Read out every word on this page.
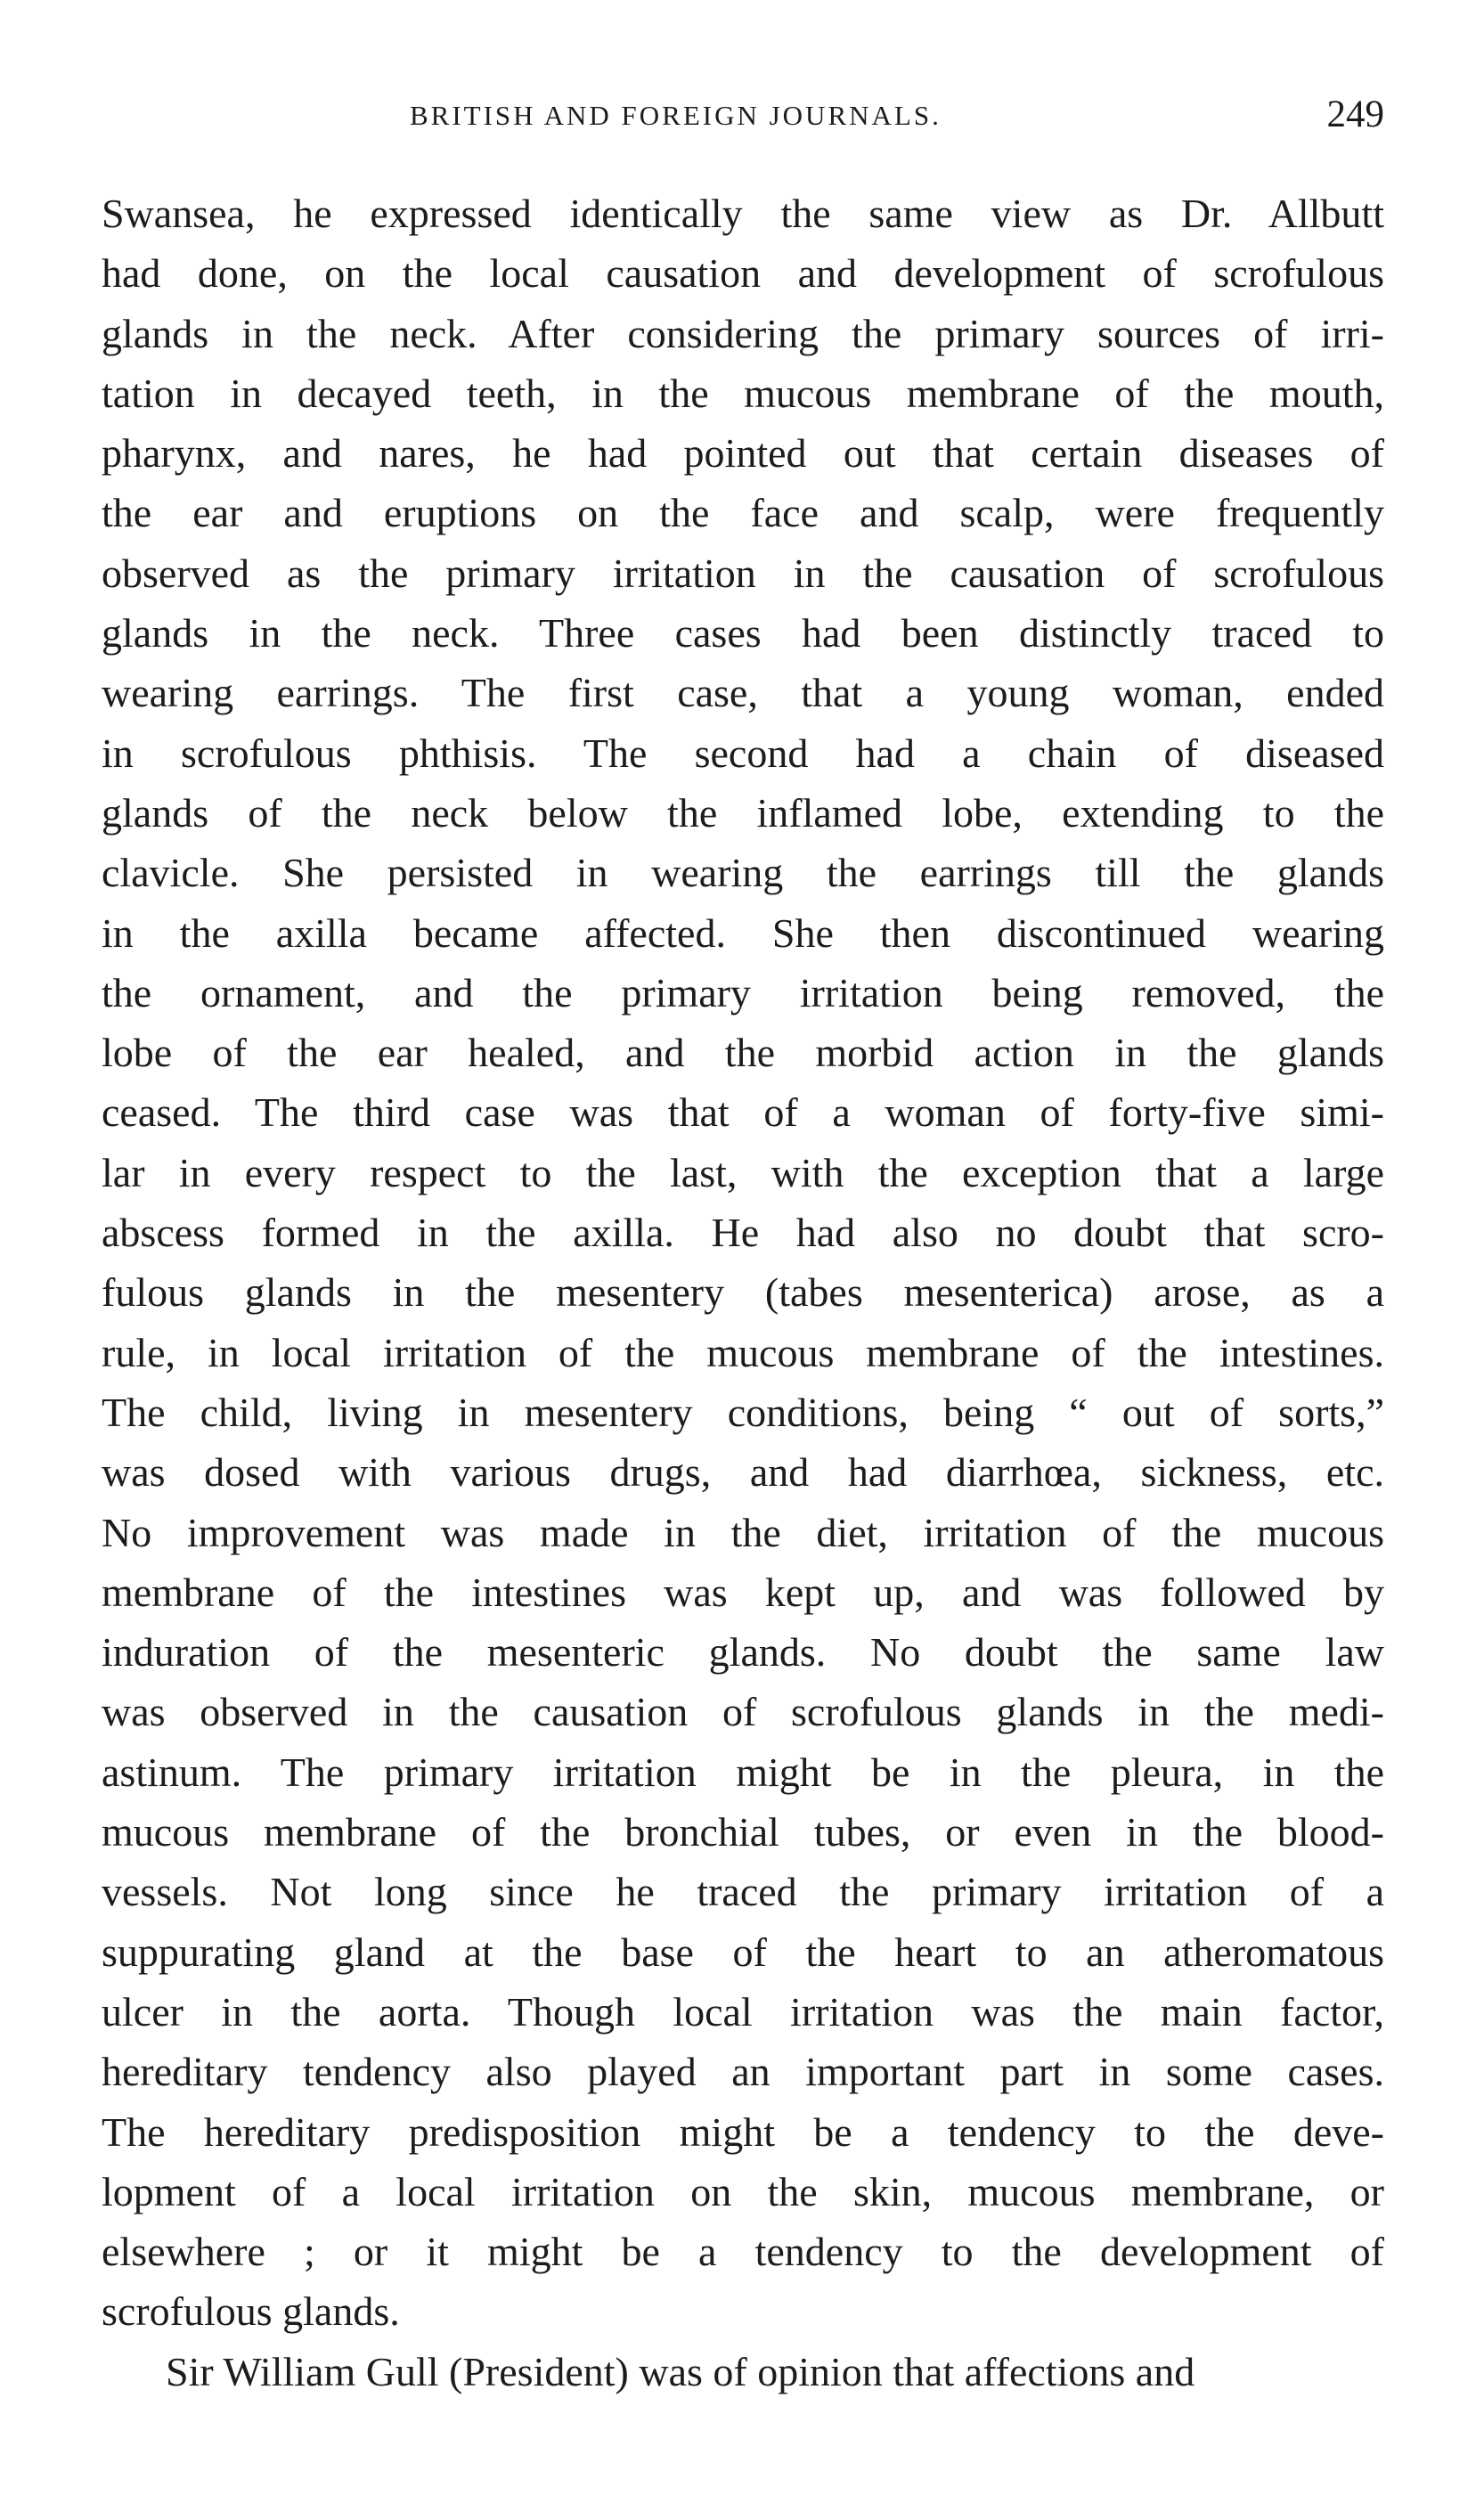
BRITISH AND FOREIGN JOURNALS.	249
Swansea, he expressed identically the same view as Dr. Allbutt
had done, on the local causation and development of scrofulous
glands in the neck. After considering the primary sources of irri-
tation in decayed teeth, in the mucous membrane of the mouth,
pharynx, and nares, he had pointed out that certain diseases of
the ear and eruptions on the face and scalp, were frequently
observed as the primary irritation in the causation of scrofulous
glands in the neck. Three cases had been distinctly traced to
wearing earrings. The first case, that a young woman, ended
in scrofulous phthisis. The second had a chain of diseased
glands of the neck below the inflamed lobe, extending to the
clavicle. She persisted in wearing the earrings till the glands
in the axilla became affected. She then discontinued wearing
the ornament, and the primary irritation being removed, the
lobe of the ear healed, and the morbid action in the glands
ceased. The third case was that of a woman of forty-five simi-
lar in every respect to the last, with the exception that a large
abscess formed in the axilla. He had also no doubt that scro-
fulous glands in the mesentery (tabes mesenterica) arose, as a
rule, in local irritation of the mucous membrane of the intestines.
The child, living in mesentery conditions, being “ out of sorts,”
was dosed with various drugs, and had diarrhœa, sickness, etc.
No improvement was made in the diet, irritation of the mucous
membrane of the intestines was kept up, and was followed by
induration of the mesenteric glands. No doubt the same law
was observed in the causation of scrofulous glands in the medi-
astinum. The primary irritation might be in the pleura, in the
mucous membrane of the bronchial tubes, or even in the blood-
vessels. Not long since he traced the primary irritation of a
suppurating gland at the base of the heart to an atheromatous
ulcer in the aorta. Though local irritation was the main factor,
hereditary tendency also played an important part in some cases.
The hereditary predisposition might be a tendency to the deve-
lopment of a local irritation on the skin, mucous membrane, or
elsewhere ; or it might be a tendency to the development of
scrofulous glands.
Sir William Gull (President) was of opinion that affections and
